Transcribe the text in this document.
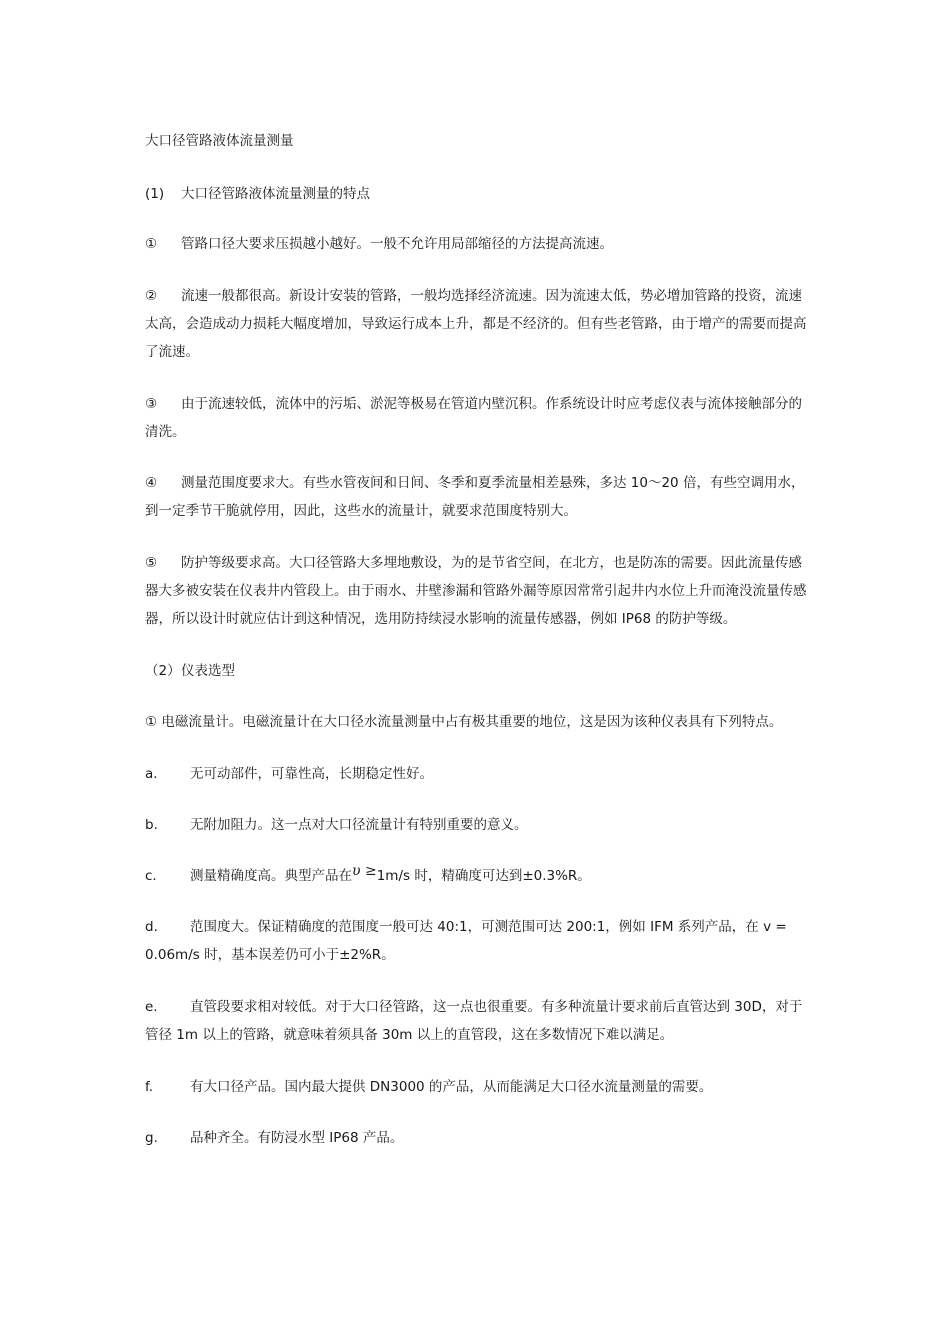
大口径管路液体流量测量

(1) 大口径管路液体流量测量的特点

① 管路口径大要求压损越小越好。一般不允许用局部缩径的方法提高流速。

② 流速一般都很高。新设计安装的管路，一般均选择经济流速。因为流速太低，势必增加管路的投资，流速太高，会造成动力损耗大幅度增加，导致运行成本上升，都是不经济的。但有些老管路，由于增产的需要而提高了流速。

③ 由于流速较低，流体中的污垢、淤泥等极易在管道内壁沉积。作系统设计时应考虑仪表与流体接触部分的清洗。

④ 测量范围度要求大。有些水管夜间和日间、冬季和夏季流量相差悬殊，多达 10～20 倍，有些空调用水，到一定季节干脆就停用，因此，这些水的流量计，就要求范围度特别大。

⑤ 防护等级要求高。大口径管路大多埋地敷设，为的是节省空间，在北方，也是防冻的需要。因此流量传感器大多被安装在仪表井内管段上。由于雨水、井壁渗漏和管路外漏等原因常常引起井内水位上升而淹没流量传感器，所以设计时就应估计到这种情况，选用防持续浸水影响的流量传感器，例如 IP68 的防护等级。

（2）仪表选型

① 电磁流量计。电磁流量计在大口径水流量测量中占有极其重要的地位，这是因为该种仪表具有下列特点。

a. 无可动部件，可靠性高，长期稳定性好。

b. 无附加阻力。这一点对大口径流量计有特别重要的意义。

c. 测量精确度高。典型产品在υ ≥1m/s 时，精确度可达到±0.3%R。

d. 范围度大。保证精确度的范围度一般可达 40:1，可测范围可达 200:1，例如 IFM 系列产品，在 v = 0.06m/s 时，基本误差仍可小于±2%R。

e. 直管段要求相对较低。对于大口径管路，这一点也很重要。有多种流量计要求前后直管达到 30D，对于管径 1m 以上的管路，就意味着须具备 30m 以上的直管段，这在多数情况下难以满足。

f.	有大口径产品。国内最大提供 DN3000 的产品，从而能满足大口径水流量测量的需要。

g. 品种齐全。有防浸水型 IP68 产品。
